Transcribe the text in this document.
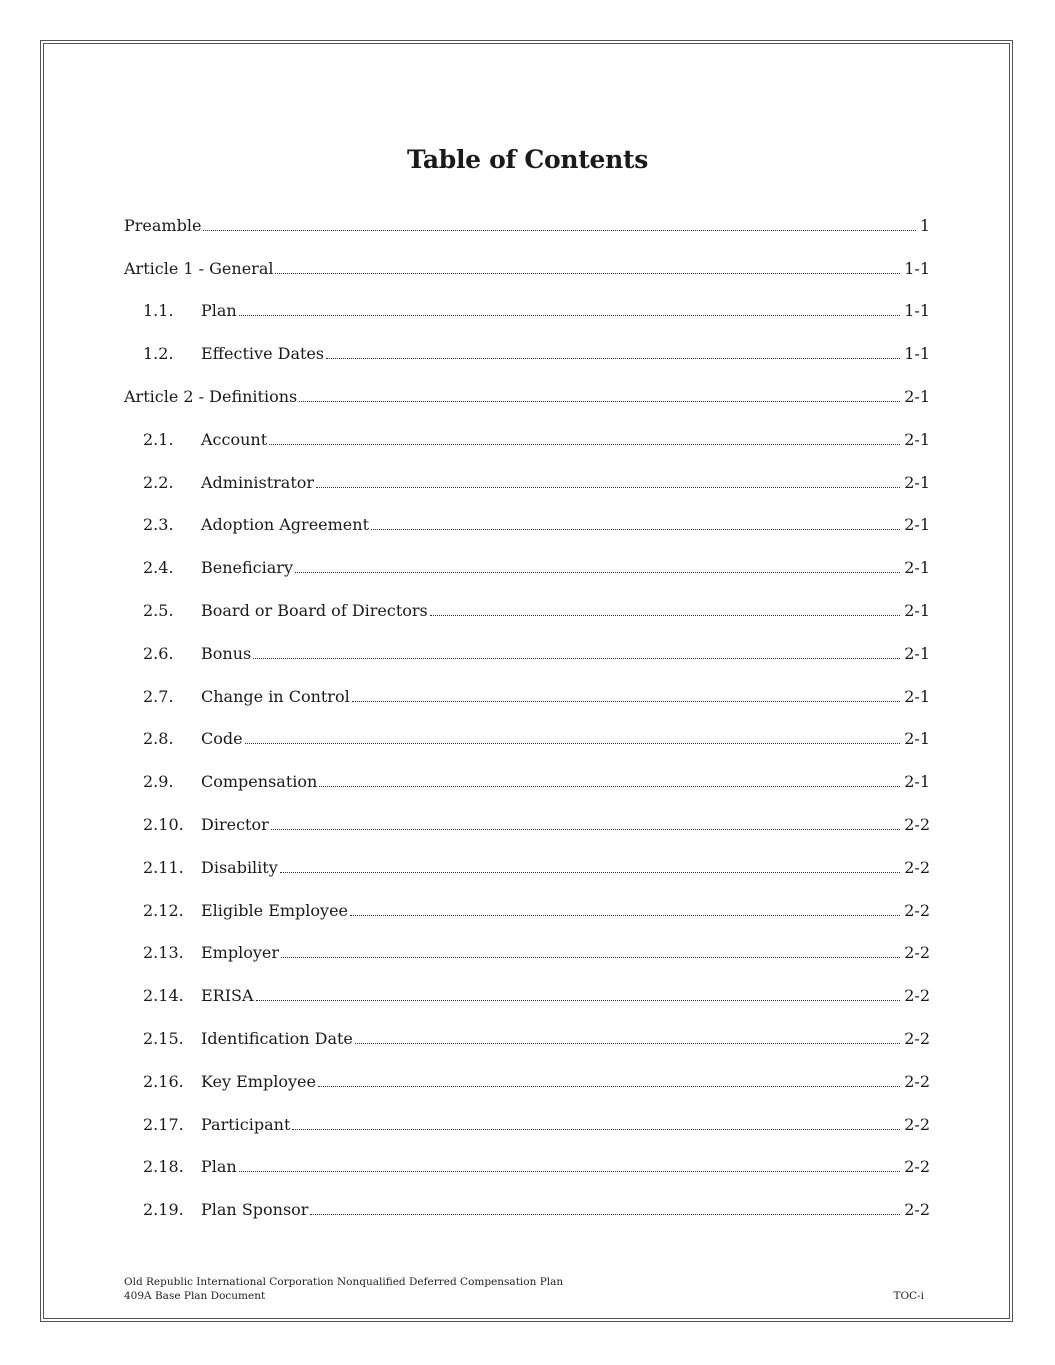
Table of Contents
Preamble	1
Article 1 - General	1-1
1.1.	Plan	1-1
1.2.	Effective Dates	1-1
Article 2 - Definitions	2-1
2.1.	Account	2-1
2.2.	Administrator	2-1
2.3.	Adoption Agreement	2-1
2.4.	Beneficiary	2-1
2.5.	Board or Board of Directors	2-1
2.6.	Bonus	2-1
2.7.	Change in Control	2-1
2.8.	Code	2-1
2.9.	Compensation	2-1
2.10.	Director	2-2
2.11.	Disability	2-2
2.12.	Eligible Employee	2-2
2.13.	Employer	2-2
2.14.	ERISA	2-2
2.15.	Identification Date	2-2
2.16.	Key Employee	2-2
2.17.	Participant	2-2
2.18.	Plan	2-2
2.19.	Plan Sponsor	2-2
Old Republic International Corporation Nonqualified Deferred Compensation Plan
409A Base Plan Document	TOC-i
